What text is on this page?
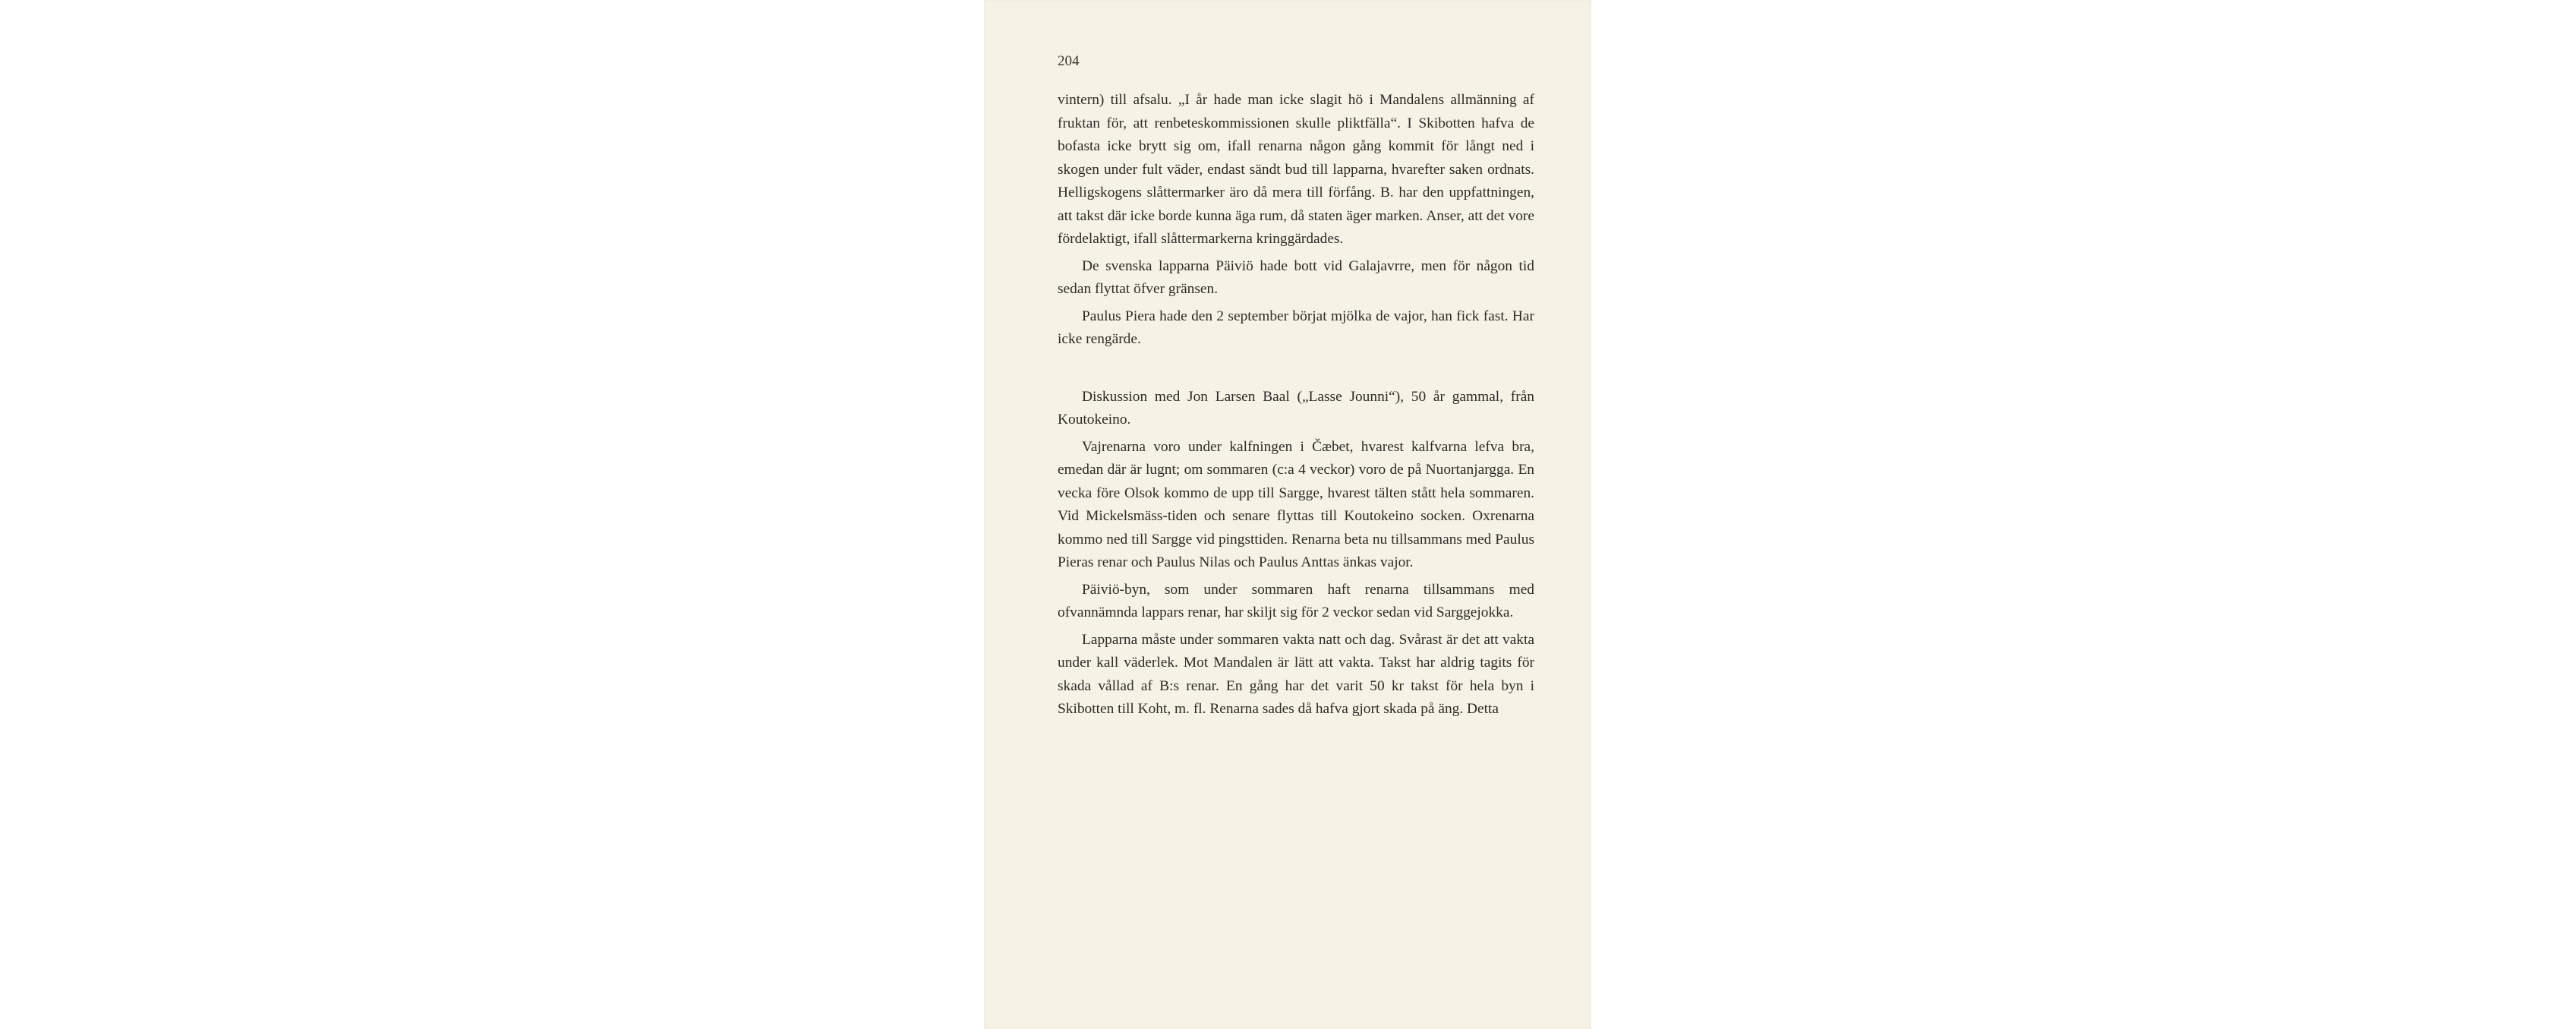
204

vintern) till afsalu. „I år hade man icke slagit hö i Mandalens allmänning af fruktan för, att renbeteskommissionen skulle pliktfälla“. I Skibotten hafva de bofasta icke brytt sig om, ifall renarna någon gång kommit för långt ned i skogen under fult väder, endast sändt bud till lapparna, hvarefter saken ordnats. Helligskogens slåttermarker äro då mera till förfång. B. har den uppfattningen, att takst där icke borde kunna äga rum, då staten äger marken. Anser, att det vore fördelaktigt, ifall slåttermarkerna kringgärdades.

De svenska lapparna Päiviö hade bott vid Galajavrre, men för någon tid sedan flyttat öfver gränsen.

Paulus Piera hade den 2 september börjat mjölka de vajor, han fick fast. Har icke rengärde.

Diskussion med Jon Larsen Baal („Lasse Jounni“), 50 år gammal, från Koutokeino.

Vajrenarna voro under kalfningen i Čæbet, hvarest kalfvarna lefva bra, emedan där är lugnt; om sommaren (c:a 4 veckor) voro de på Nuortanjargga. En vecka före Olsok kommo de upp till Sargge, hvarest tälten stått hela sommaren. Vid Mickelsmäss-tiden och senare flyttas till Koutokeino socken. Oxrenarna kommo ned till Sargge vid pingsttiden. Renarna beta nu tillsammans med Paulus Pieras renar och Paulus Nilas och Paulus Anttas änkas vajor.

Päiviö-byn, som under sommaren haft renarna tillsammans med ofvannämnda lappars renar, har skiljt sig för 2 veckor sedan vid Sarggejokka.

Lapparna måste under sommaren vakta natt och dag. Svårast är det att vakta under kall väderlek. Mot Mandalen är lätt att vakta. Takst har aldrig tagits för skada vållad af B:s renar. En gång har det varit 50 kr takst för hela byn i Skibotten till Koht, m. fl. Renarna sades då hafva gjort skada på äng. Detta
